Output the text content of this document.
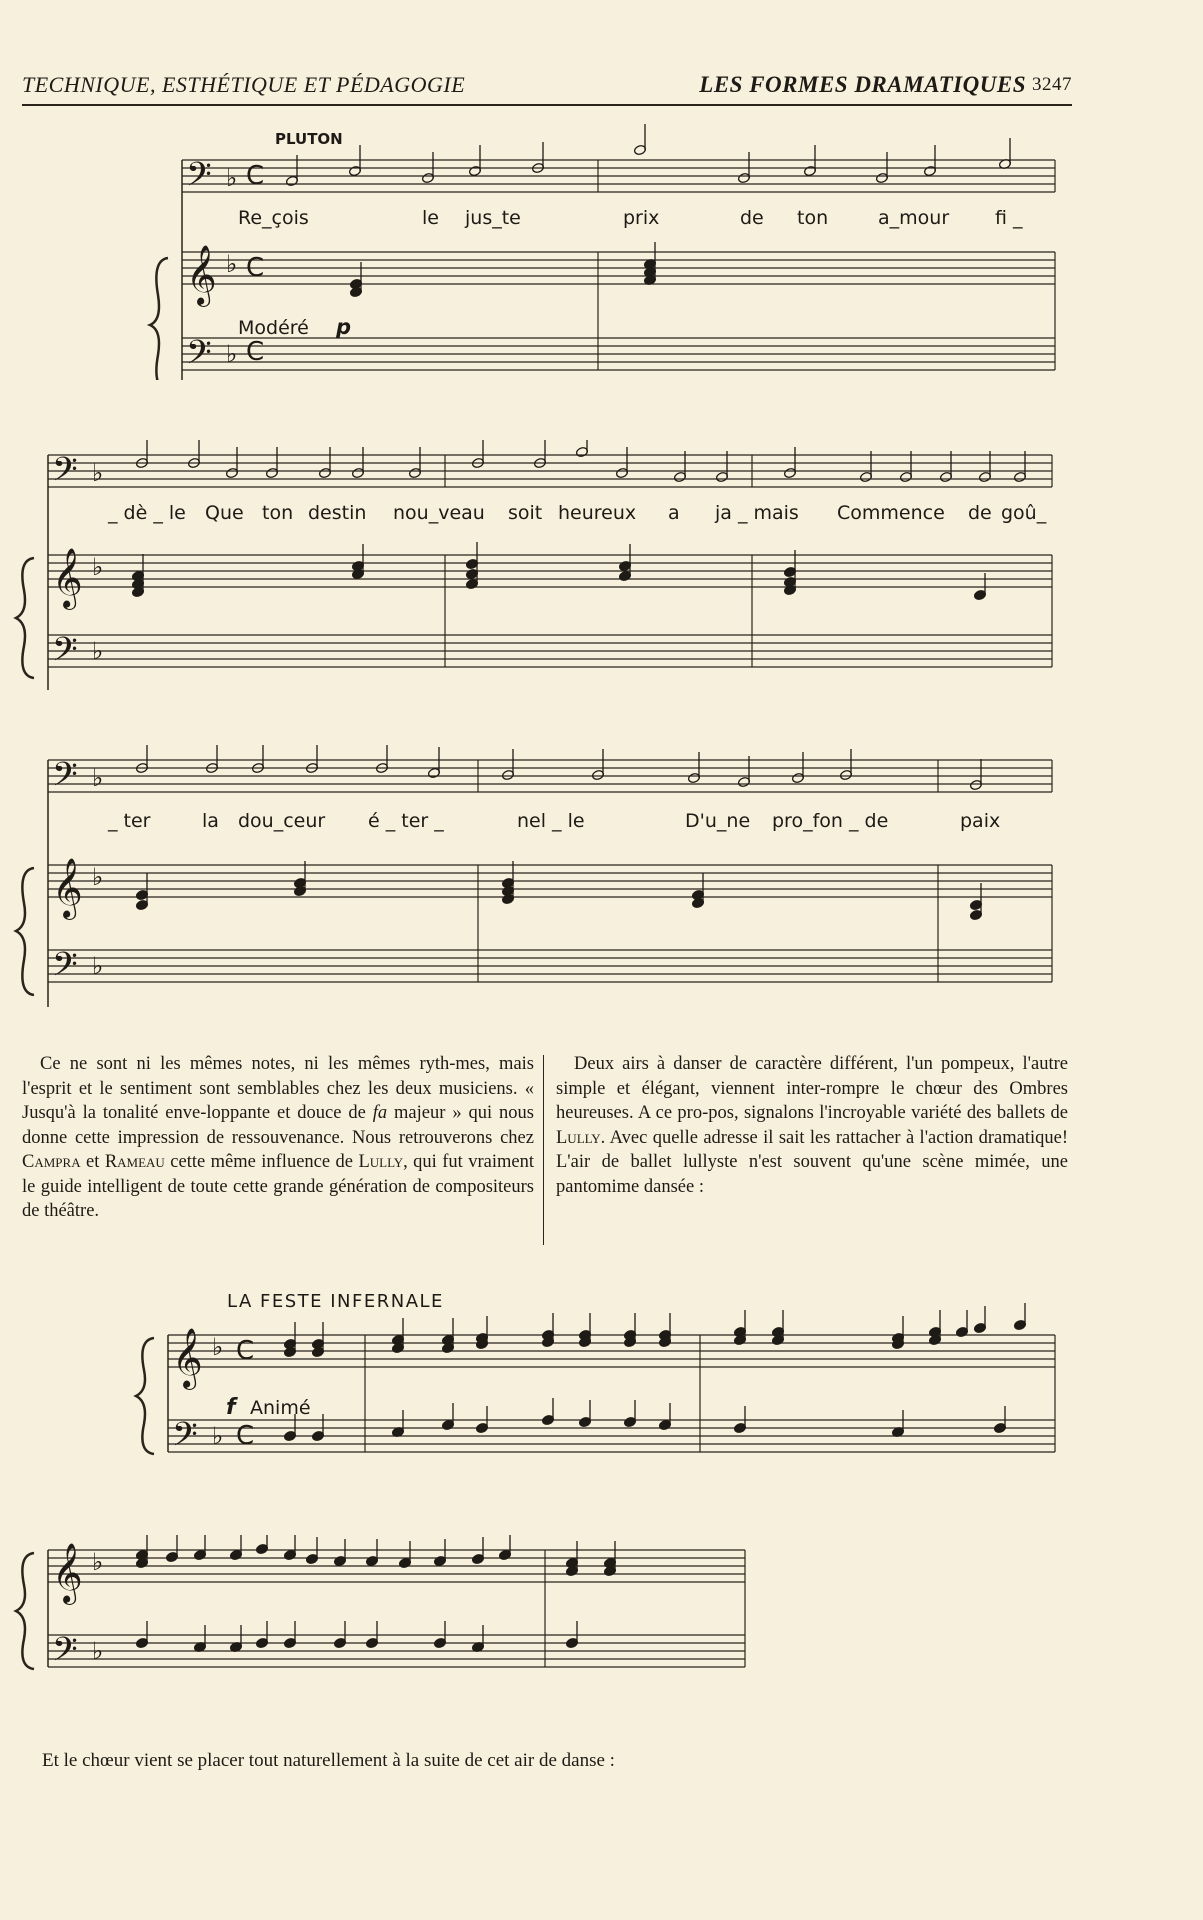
TECHNIQUE, ESTHÉTIQUE ET PÉDAGOGIE	LES FORMES DRAMATIQUES 3247
PLUTON
𝄢
𝄞
𝄢
♭
♭
♭
C
C
C
Re_çois	le jus_te	prix	de ton	a_mour fi _
Modéré p
𝄢
𝄞
𝄢
♭
♭
♭
_ dè _ le Que ton destin nou_veau soit heureux a ja _ mais Commence de goû_
𝄢
𝄞
𝄢
♭
♭
♭
_ ter	la dou_ceur é _ ter _	nel _ le	D'u_ne pro_fon _ de	paix

Ce ne sont ni les mêmes notes, ni les mêmes ryth-mes, mais l'esprit et le sentiment sont semblables chez les deux musiciens. « Jusqu'à la tonalité enve-loppante et douce de fa majeur » qui nous donne cette impression de ressouvenance. Nous retrouverons chez Campra et Rameau cette même influence de Lully, qui fut vraiment le guide intelligent de toute cette grande génération de compositeurs de théâtre.

Deux airs à danser de caractère différent, l'un pompeux, l'autre simple et élégant, viennent inter-rompre le chœur des Ombres heureuses. A ce pro-pos, signalons l'incroyable variété des ballets de Lully. Avec quelle adresse il sait les rattacher à l'action dramatique! L'air de ballet lullyste n'est souvent qu'une scène mimée, une pantomime dansée :

LA FESTE INFERNALE
𝄞
𝄢
♭
♭
C
C
f Animé
𝄞
𝄢
♭
♭
Et le chœur vient se placer tout naturellement à la suite de cet air de danse :
